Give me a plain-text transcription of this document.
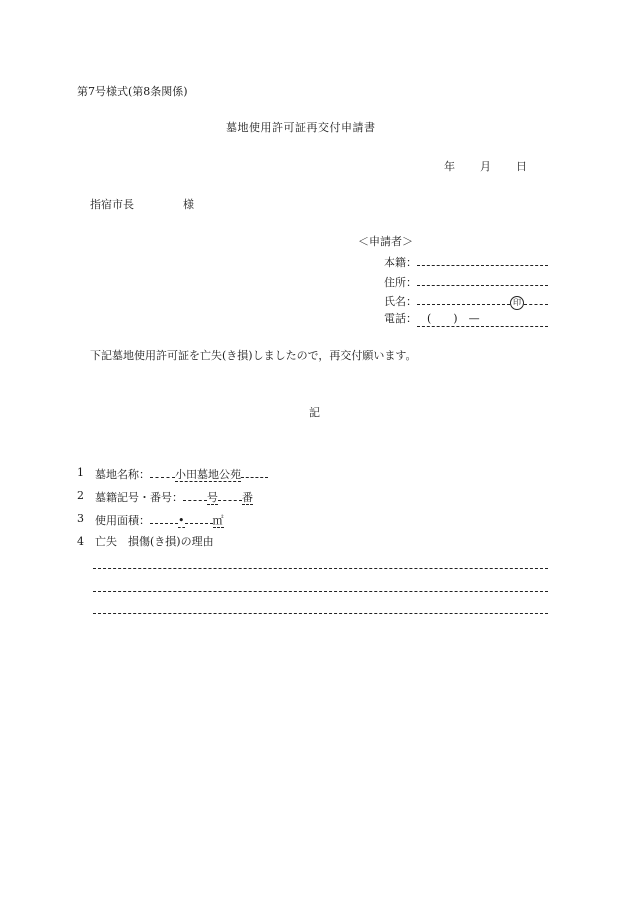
第7号様式(第8条関係)
墓地使用許可証再交付申請書
年 月 日
指宿市長	様
＜申請者＞
本籍：
住所：
氏名：	印
電話： (　　)　—
下記墓地使用許可証を亡失(き損)しましたので，再交付願います。
記
1 墓地名称： 小田墓地公苑
2 墓籍記号・番号： 号 番
3 使用面積：	•	㎡
4 亡失　損傷(き損)の理由
